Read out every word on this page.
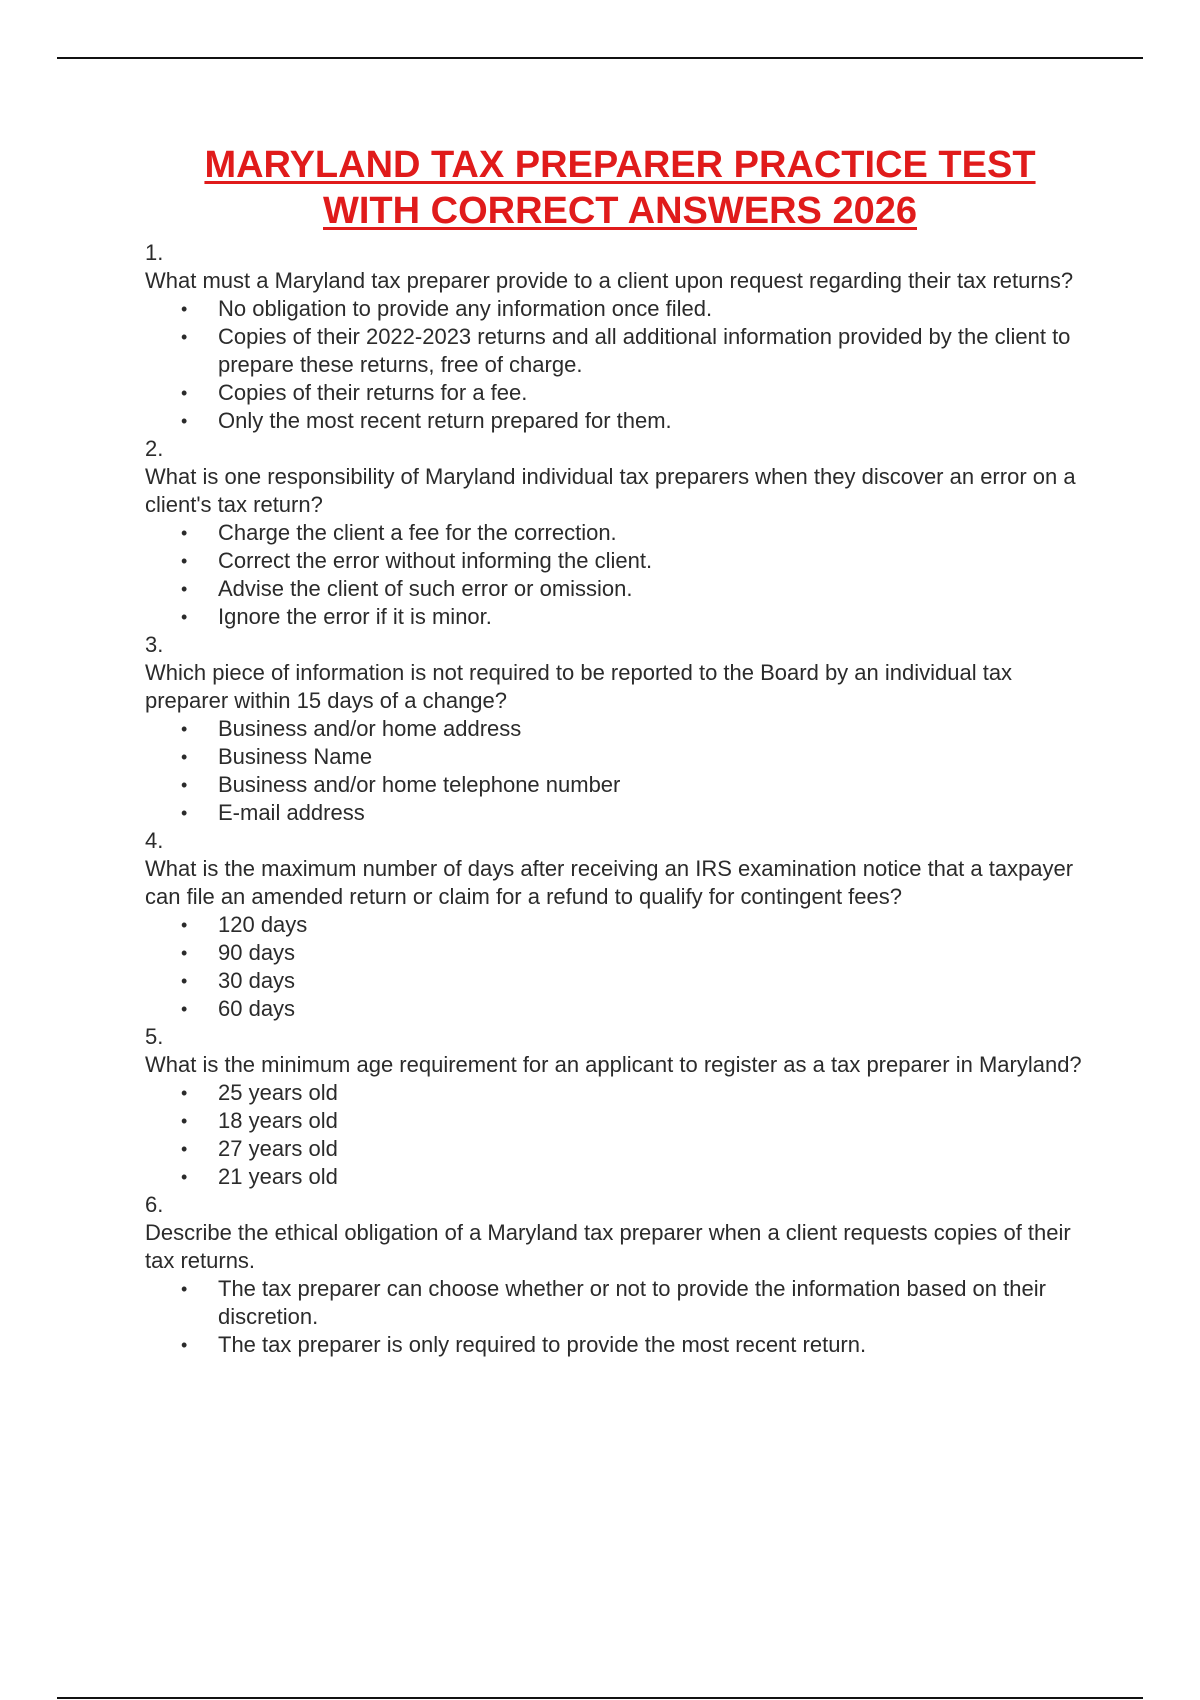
MARYLAND TAX PREPARER PRACTICE TEST
WITH CORRECT ANSWERS 2026

1.

What must a Maryland tax preparer provide to a client upon request regarding their tax returns?

• No obligation to provide any information once filed.
• Copies of their 2022-2023 returns and all additional information provided by the client to prepare these returns, free of charge.
• Copies of their returns for a fee.
• Only the most recent return prepared for them.

2.

What is one responsibility of Maryland individual tax preparers when they discover an error on a client's tax return?

• Charge the client a fee for the correction.
• Correct the error without informing the client.
• Advise the client of such error or omission.
• Ignore the error if it is minor.

3.

Which piece of information is not required to be reported to the Board by an individual tax preparer within 15 days of a change?

• Business and/or home address
• Business Name
• Business and/or home telephone number
• E-mail address

4.

What is the maximum number of days after receiving an IRS examination notice that a taxpayer can file an amended return or claim for a refund to qualify for contingent fees?

• 120 days
• 90 days
• 30 days
• 60 days

5.

What is the minimum age requirement for an applicant to register as a tax preparer in Maryland?

• 25 years old
• 18 years old
• 27 years old
• 21 years old

6.

Describe the ethical obligation of a Maryland tax preparer when a client requests copies of their tax returns.

• The tax preparer can choose whether or not to provide the information based on their discretion.
• The tax preparer is only required to provide the most recent return.
